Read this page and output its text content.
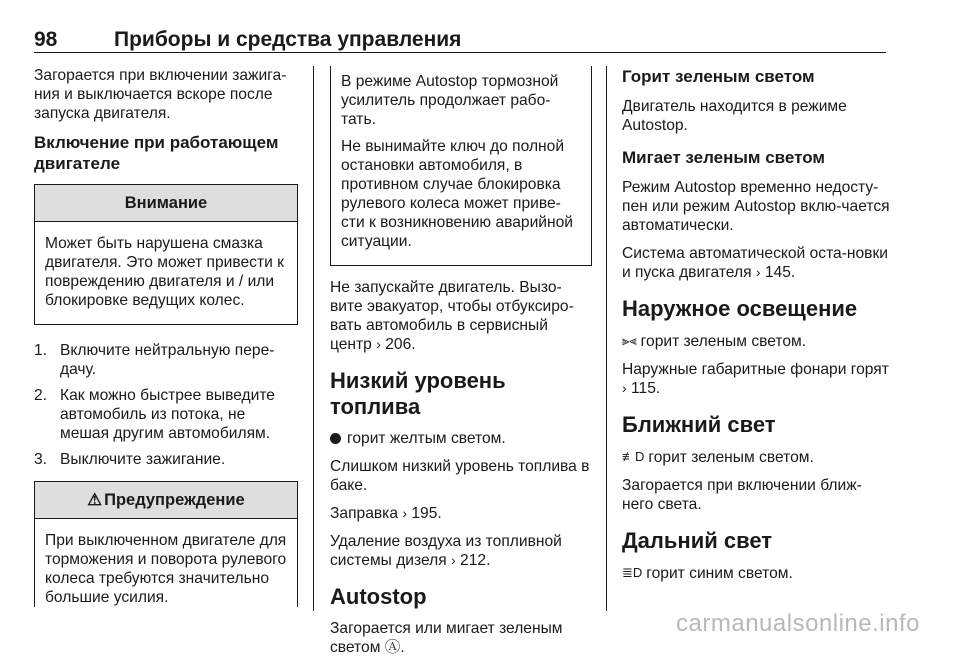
98	Приборы и средства управления

Загорается при включении зажига-ния и выключается вскоре после запуска двигателя.

Включение при работающем двигателе
Внимание

Может быть нарушена смазка двигателя. Это может привести к повреждению двигателя и / или блокировке ведущих колес.

1. Включите нейтральную пере-дачу.
2. Как можно быстрее выведите автомобиль из потока, не мешая другим автомобилям.
3. Выключите зажигание.
⚠ Предупреждение

При выключенном двигателе для торможения и поворота рулевого колеса требуются значительно большие усилия.

В режиме Autostop тормозной усилитель продолжает рабо-тать.

Не вынимайте ключ до полной остановки автомобиля, в противном случае блокировка рулевого колеса может приве-сти к возникновению аварийной ситуации.

Не запускайте двигатель. Вызо-вите эвакуатор, чтобы отбуксиро-вать автомобиль в сервисный центр › 206.

Низкий уровень топлива

горит желтым светом.

Слишком низкий уровень топлива в баке.

Заправка › 195.

Удаление воздуха из топливной системы дизеля › 212.

Autostop

Загорается или мигает зеленым светом Ⓐ.

Горит зеленым светом

Двигатель находится в режиме Autostop.

Мигает зеленым светом

Режим Autostop временно недосту-пен или режим Autostop вклю-чается автоматически.

Система автоматической оста-новки и пуска двигателя › 145.

Наружное освещение

⫸⫷ горит зеленым светом.

Наружные габаритные фонари горят › 115.

Ближний свет

≢D горит зеленым светом.

Загорается при включении ближ-него света.

Дальний свет

≣D горит синим светом.

carmanualsonline.info
